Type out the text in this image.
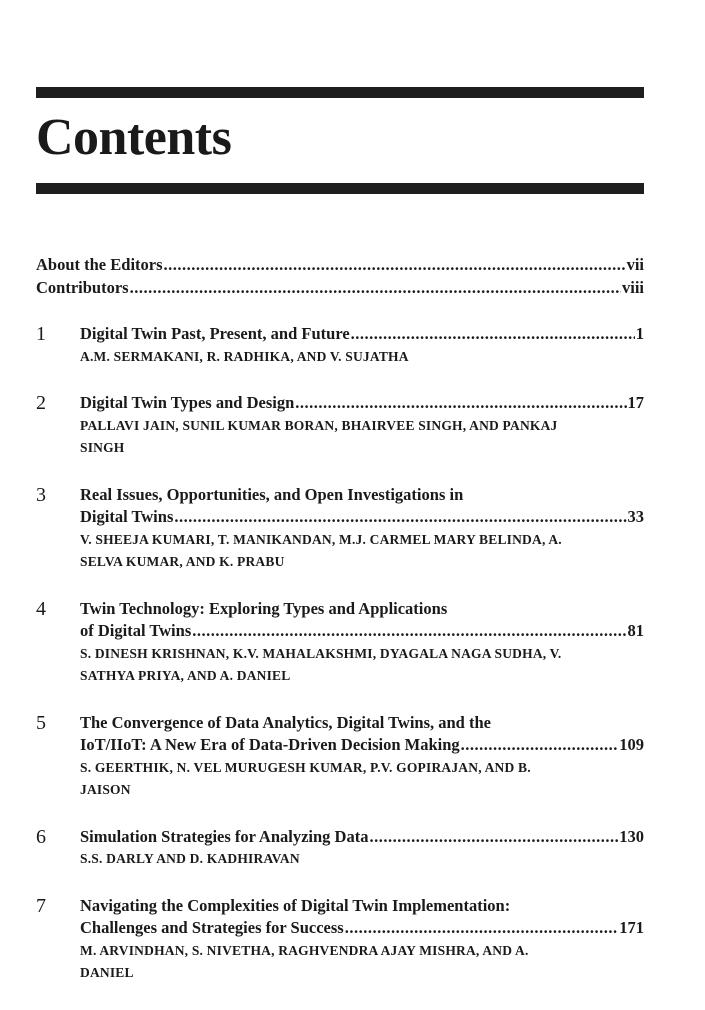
Contents
About the Editors .....	vii
Contributors .....	viii
1 Digital Twin Past, Present, and Future .....	1
A.M. SERMAKANI, R. RADHIKA, AND V. SUJATHA
2 Digital Twin Types and Design .....	17
PALLAVI JAIN, SUNIL KUMAR BORAN, BHAIRVEE SINGH, AND PANKAJ SINGH
3 Real Issues, Opportunities, and Open Investigations in
Digital Twins .....	33
V. SHEEJA KUMARI, T. MANIKANDAN, M.J. CARMEL MARY BELINDA, A. SELVA KUMAR, AND K. PRABU
4 Twin Technology: Exploring Types and Applications
of Digital Twins .....	81
S. DINESH KRISHNAN, K.V. MAHALAKSHMI, DYAGALA NAGA SUDHA, V. SATHYA PRIYA, AND A. DANIEL
5 The Convergence of Data Analytics, Digital Twins, and the
IoT/IIoT: A New Era of Data-Driven Decision Making .....	109
S. GEERTHIK, N. VEL MURUGESH KUMAR, P.V. GOPIRAJAN, AND B. JAISON
6 Simulation Strategies for Analyzing Data .....	130
S.S. DARLY AND D. KADHIRAVAN
7 Navigating the Complexities of Digital Twin Implementation:
Challenges and Strategies for Success .....	171
M. ARVINDHAN, S. NIVETHA, RAGHVENDRA AJAY MISHRA, AND A. DANIEL
